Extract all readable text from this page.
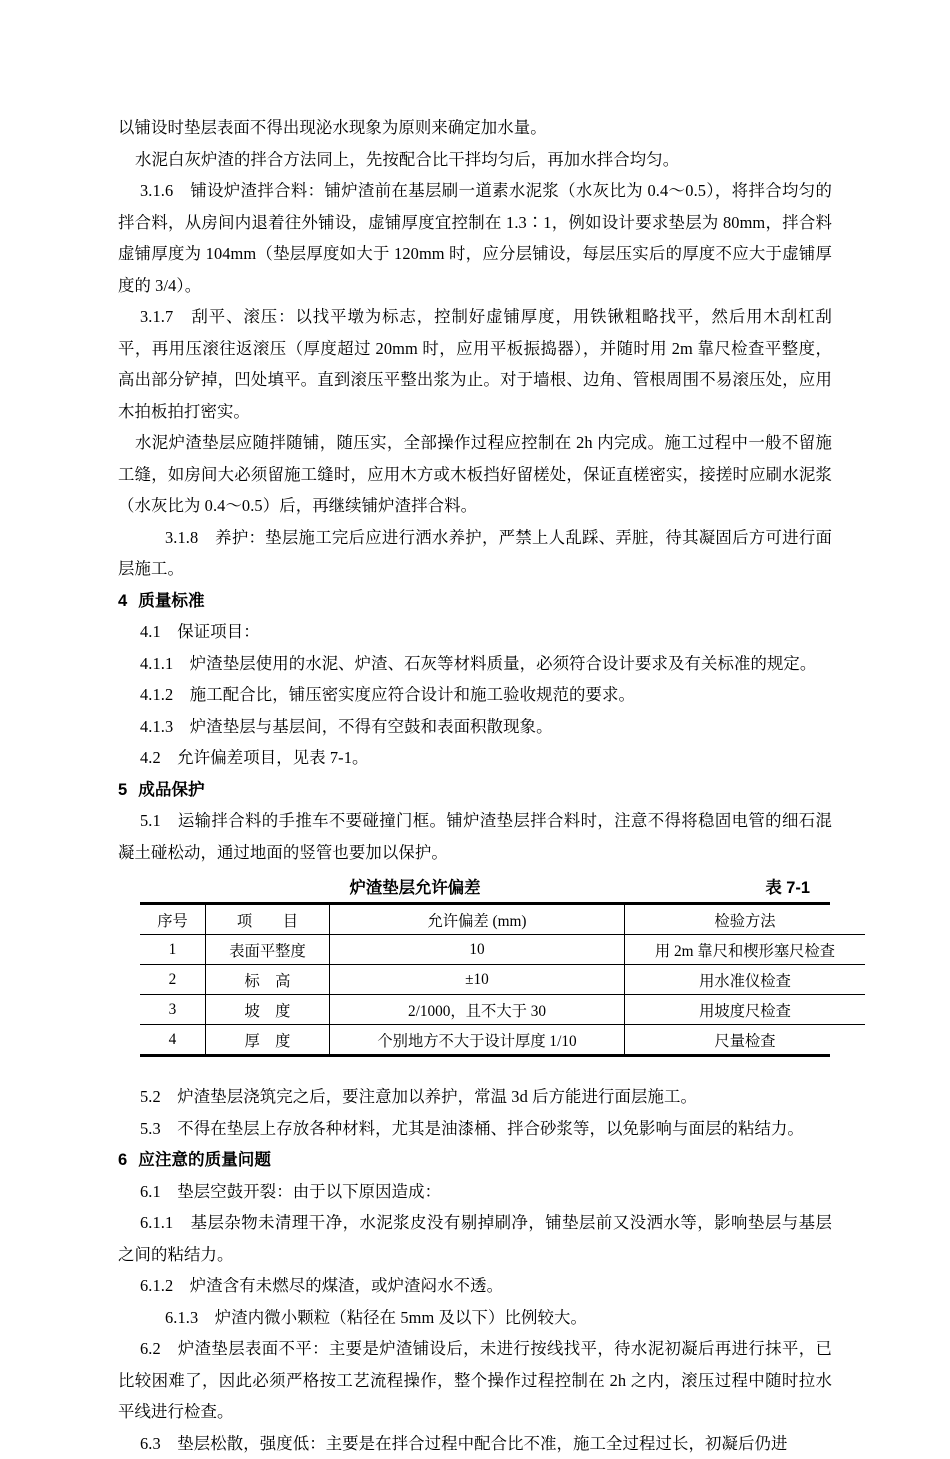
以铺设时垫层表面不得出现泌水现象为原则来确定加水量。

水泥白灰炉渣的拌合方法同上，先按配合比干拌均匀后，再加水拌合均匀。

3.1.6　铺设炉渣拌合料：铺炉渣前在基层刷一道素水泥浆（水灰比为 0.4～0.5），将拌合均匀的拌合料，从房间内退着往外铺设，虚铺厚度宜控制在 1.3∶1，例如设计要求垫层为 80mm，拌合料虚铺厚度为 104mm（垫层厚度如大于 120mm 时，应分层铺设，每层压实后的厚度不应大于虚铺厚度的 3/4）。

3.1.7　刮平、滚压：以找平墩为标志，控制好虚铺厚度，用铁锹粗略找平，然后用木刮杠刮平，再用压滚往返滚压（厚度超过 20mm 时，应用平板振捣器），并随时用 2m 靠尺检查平整度，高出部分铲掉，凹处填平。直到滚压平整出浆为止。对于墙根、边角、管根周围不易滚压处，应用木拍板拍打密实。

水泥炉渣垫层应随拌随铺，随压实，全部操作过程应控制在 2h 内完成。施工过程中一般不留施工缝，如房间大必须留施工缝时，应用木方或木板挡好留槎处，保证直槎密实，接搓时应刷水泥浆（水灰比为 0.4～0.5）后，再继续铺炉渣拌合料。

3.1.8　养护：垫层施工完后应进行洒水养护，严禁上人乱踩、弄脏，待其凝固后方可进行面层施工。

4 质量标准

4.1　保证项目：

4.1.1　炉渣垫层使用的水泥、炉渣、石灰等材料质量，必须符合设计要求及有关标准的规定。

4.1.2　施工配合比，铺压密实度应符合设计和施工验收规范的要求。

4.1.3　炉渣垫层与基层间，不得有空鼓和表面积散现象。

4.2　允许偏差项目，见表 7-1。

5 成品保护

5.1　运输拌合料的手推车不要碰撞门框。铺炉渣垫层拌合料时，注意不得将稳固电管的细石混凝土碰松动，通过地面的竖管也要加以保护。

炉渣垫层允许偏差	表 7-1
序号	项　　目	允许偏差 (mm)	检验方法
1	表面平整度	10	用 2m 靠尺和楔形塞尺检查
2	标　高	±10	用水准仪检查
3	坡　度	2/1000，且不大于 30	用坡度尺检查
4	厚　度	个别地方不大于设计厚度 1/10	尺量检查

5.2　炉渣垫层浇筑完之后，要注意加以养护，常温 3d 后方能进行面层施工。

5.3　不得在垫层上存放各种材料，尤其是油漆桶、拌合砂浆等，以免影响与面层的粘结力。

6 应注意的质量问题

6.1　垫层空鼓开裂：由于以下原因造成：

6.1.1　基层杂物未清理干净，水泥浆皮没有剔掉刷净，铺垫层前又没洒水等，影响垫层与基层之间的粘结力。

6.1.2　炉渣含有未燃尽的煤渣，或炉渣闷水不透。

6.1.3　炉渣内微小颗粒（粘径在 5mm 及以下）比例较大。

6.2　炉渣垫层表面不平：主要是炉渣铺设后，未进行按线找平，待水泥初凝后再进行抹平，已比较困难了，因此必须严格按工艺流程操作，整个操作过程控制在 2h 之内，滚压过程中随时拉水平线进行检查。

6.3　垫层松散，强度低：主要是在拌合过程中配合比不准，施工全过程过长，初凝后仍进
